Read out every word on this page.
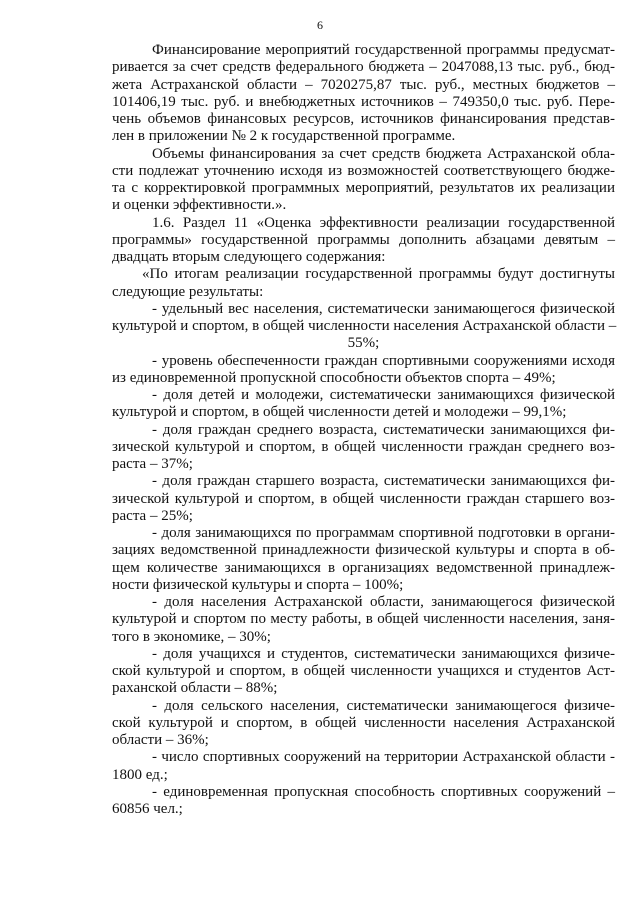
6
Финансирование мероприятий государственной программы предусмат-
ривается за счет средств федерального бюджета – 2047088,13 тыс. руб., бюд-
жета Астраханской области – 7020275,87 тыс. руб., местных бюджетов –
101406,19 тыс. руб. и внебюджетных источников – 749350,0 тыс. руб. Пере-
чень объемов финансовых ресурсов, источников финансирования представ-
лен в приложении № 2 к государственной программе.
Объемы финансирования за счет средств бюджета Астраханской обла-
сти подлежат уточнению исходя из возможностей соответствующего бюдже-
та с корректировкой программных мероприятий, результатов их реализации
и оценки эффективности.».
1.6. Раздел 11 «Оценка эффективности реализации государственной
программы» государственной программы дополнить абзацами девятым –
двадцать вторым следующего содержания:
«По итогам реализации государственной программы будут достигнуты
следующие результаты:
- удельный вес населения, систематически занимающегося физической
культурой и спортом, в общей численности населения Астраханской области –
55%;
- уровень обеспеченности граждан спортивными сооружениями исходя
из единовременной пропускной способности объектов спорта – 49%;
- доля детей и молодежи, систематически занимающихся физической
культурой и спортом, в общей численности детей и молодежи – 99,1%;
- доля граждан среднего возраста, систематически занимающихся фи-
зической культурой и спортом, в общей численности граждан среднего воз-
раста – 37%;
- доля граждан старшего возраста, систематически занимающихся фи-
зической культурой и спортом, в общей численности граждан старшего воз-
раста – 25%;
- доля занимающихся по программам спортивной подготовки в органи-
зациях ведомственной принадлежности физической культуры и спорта в об-
щем количестве занимающихся в организациях ведомственной принадлеж-
ности физической культуры и спорта – 100%;
- доля населения Астраханской области, занимающегося физической
культурой и спортом по месту работы, в общей численности населения, заня-
того в экономике, – 30%;
- доля учащихся и студентов, систематически занимающихся физиче-
ской культурой и спортом, в общей численности учащихся и студентов Аст-
раханской области – 88%;
- доля сельского населения, систематически занимающегося физиче-
ской культурой и спортом, в общей численности населения Астраханской
области – 36%;
- число спортивных сооружений на территории Астраханской области -
1800 ед.;
- единовременная пропускная способность спортивных сооружений –
60856 чел.;
